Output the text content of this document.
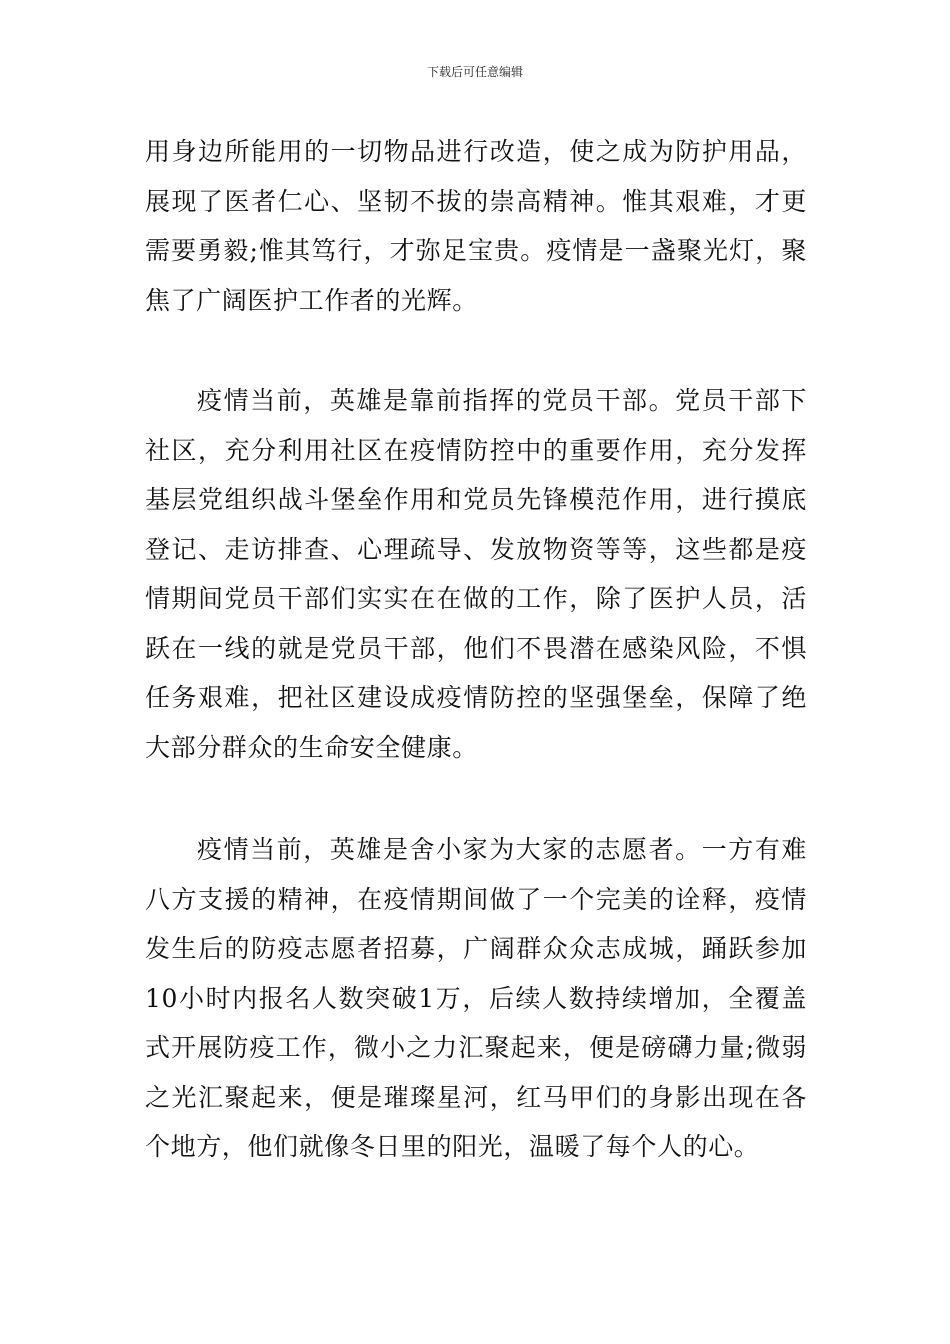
下载后可任意编辑

用身边所能用的一切物品进行改造，使之成为防护用品，展现了医者仁心、坚韧不拔的崇高精神。惟其艰难，才更需要勇毅;惟其笃行，才弥足宝贵。疫情是一盏聚光灯，聚焦了广阔医护工作者的光辉。

疫情当前，英雄是靠前指挥的党员干部。党员干部下社区，充分利用社区在疫情防控中的重要作用，充分发挥基层党组织战斗堡垒作用和党员先锋模范作用，进行摸底登记、走访排查、心理疏导、发放物资等等，这些都是疫情期间党员干部们实实在在做的工作，除了医护人员，活跃在一线的就是党员干部，他们不畏潜在感染风险，不惧任务艰难，把社区建设成疫情防控的坚强堡垒，保障了绝大部分群众的生命安全健康。

疫情当前，英雄是舍小家为大家的志愿者。一方有难八方支援的精神，在疫情期间做了一个完美的诠释，疫情发生后的防疫志愿者招募，广阔群众众志成城，踊跃参加10小时内报名人数突破1万，后续人数持续增加，全覆盖式开展防疫工作，微小之力汇聚起来，便是磅礴力量;微弱之光汇聚起来，便是璀璨星河，红马甲们的身影出现在各个地方，他们就像冬日里的阳光，温暖了每个人的心。
